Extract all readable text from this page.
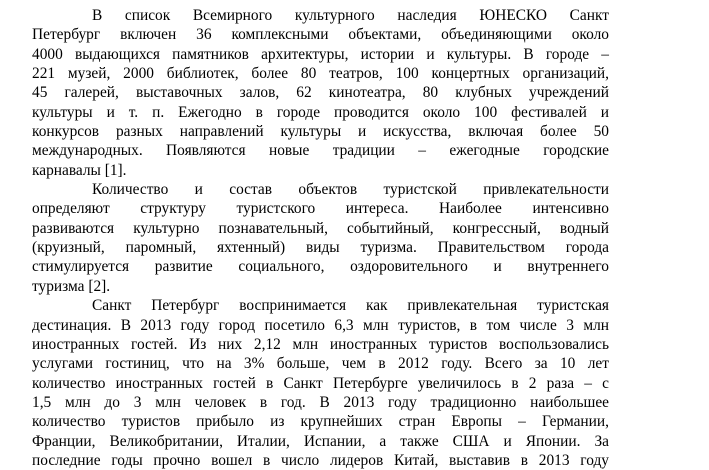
В список Всемирного культурного наследия ЮНЕСКО Санкт
Петербург включен 36 комплексными объектами, объединяющими около
4000 выдающихся памятников архитектуры, истории и культуры. В городе –
221 музей, 2000 библиотек, более 80 театров, 100 концертных организаций,
45 галерей, выставочных залов, 62 кинотеатра, 80 клубных учреждений
культуры и т. п. Ежегодно в городе проводится около 100 фестивалей и
конкурсов разных направлений культуры и искусства, включая более 50
международных. Появляются новые традиции – ежегодные городские
карнавалы [1].
Количество и состав объектов туристской привлекательности
определяют структуру туристского интереса. Наиболее интенсивно
развиваются культурно познавательный, событийный, конгрессный, водный
(круизный, паромный, яхтенный) виды туризма. Правительством города
стимулируется развитие социального, оздоровительного и внутреннего
туризма [2].
Санкт Петербург воспринимается как привлекательная туристская
дестинация. В 2013 году город посетило 6,3 млн туристов, в том числе 3 млн
иностранных гостей. Из них 2,12 млн иностранных туристов воспользовались
услугами гостиниц, что на 3% больше, чем в 2012 году. Всего за 10 лет
количество иностранных гостей в Санкт Петербурге увеличилось в 2 раза – с
1,5 млн до 3 млн человек в год. В 2013 году традиционно наибольшее
количество туристов прибыло из крупнейших стран Европы – Германии,
Франции, Великобритании, Италии, Испании, а также США и Японии. За
последние годы прочно вошел в число лидеров Китай, выставив в 2013 году
